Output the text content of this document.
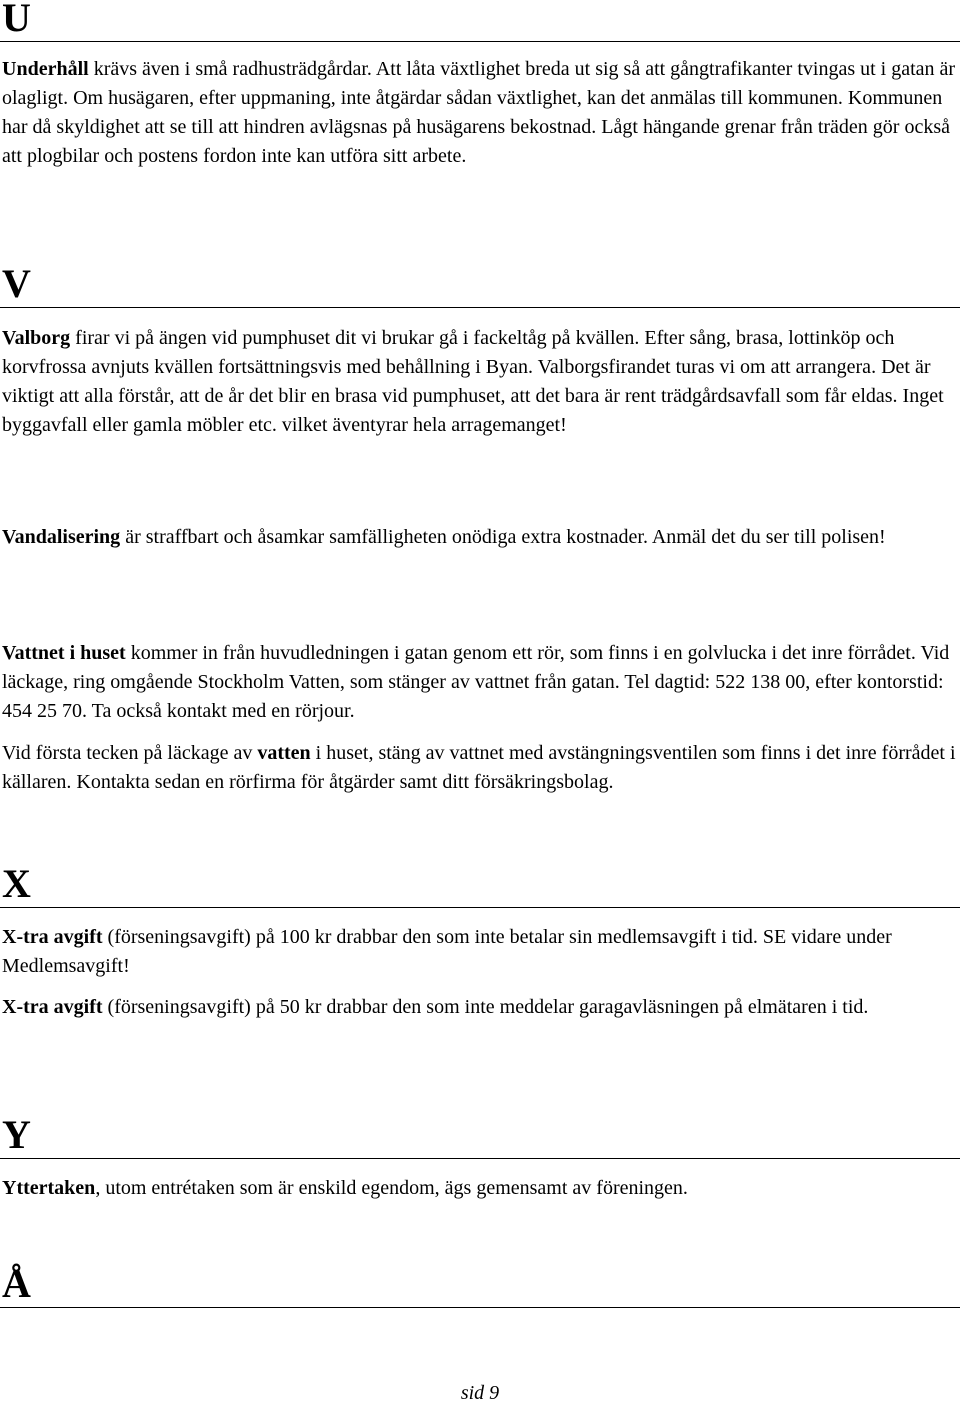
U

Underhåll krävs även i små radhusträdgårdar. Att låta växtlighet breda ut sig så att gångtrafikanter tvingas ut i gatan är olagligt. Om husägaren, efter uppmaning, inte åtgärdar sådan växtlighet, kan det anmälas till kommunen. Kommunen har då skyldighet att se till att hindren avlägsnas på husägarens bekostnad. Lågt hängande grenar från träden gör också att plogbilar och postens fordon inte kan utföra sitt arbete.

V

Valborg firar vi på ängen vid pumphuset dit vi brukar gå i fackeltåg på kvällen. Efter sång, brasa, lottinköp och korvfrossa avnjuts kvällen fortsättningsvis med behållning i Byan. Valborgsfirandet turas vi om att arrangera. Det är viktigt att alla förstår, att de år det blir en brasa vid pumphuset, att det bara är rent trädgårdsavfall som får eldas. Inget byggavfall eller gamla möbler etc. vilket äventyrar hela arragemanget!

Vandalisering är straffbart och åsamkar samfälligheten onödiga extra kostnader. Anmäl det du ser till polisen!

Vattnet i huset kommer in från huvudledningen i gatan genom ett rör, som finns i en golvlucka i det inre förrådet. Vid läckage, ring omgående Stockholm Vatten, som stänger av vattnet från gatan. Tel dagtid: 522 138 00, efter kontorstid: 454 25 70. Ta också kontakt med en rörjour.

Vid första tecken på läckage av vatten i huset, stäng av vattnet med avstängningsventilen som finns i det inre förrådet i källaren. Kontakta sedan en rörfirma för åtgärder samt ditt försäkringsbolag.

X

X-tra avgift (förseningsavgift) på 100 kr drabbar den som inte betalar sin medlemsavgift i tid. SE vidare under Medlemsavgift!

X-tra avgift (förseningsavgift) på 50 kr drabbar den som inte meddelar garagavläsningen på elmätaren i tid.

Y

Yttertaken, utom entrétaken som är enskild egendom, ägs gemensamt av föreningen.

Å
sid 9
